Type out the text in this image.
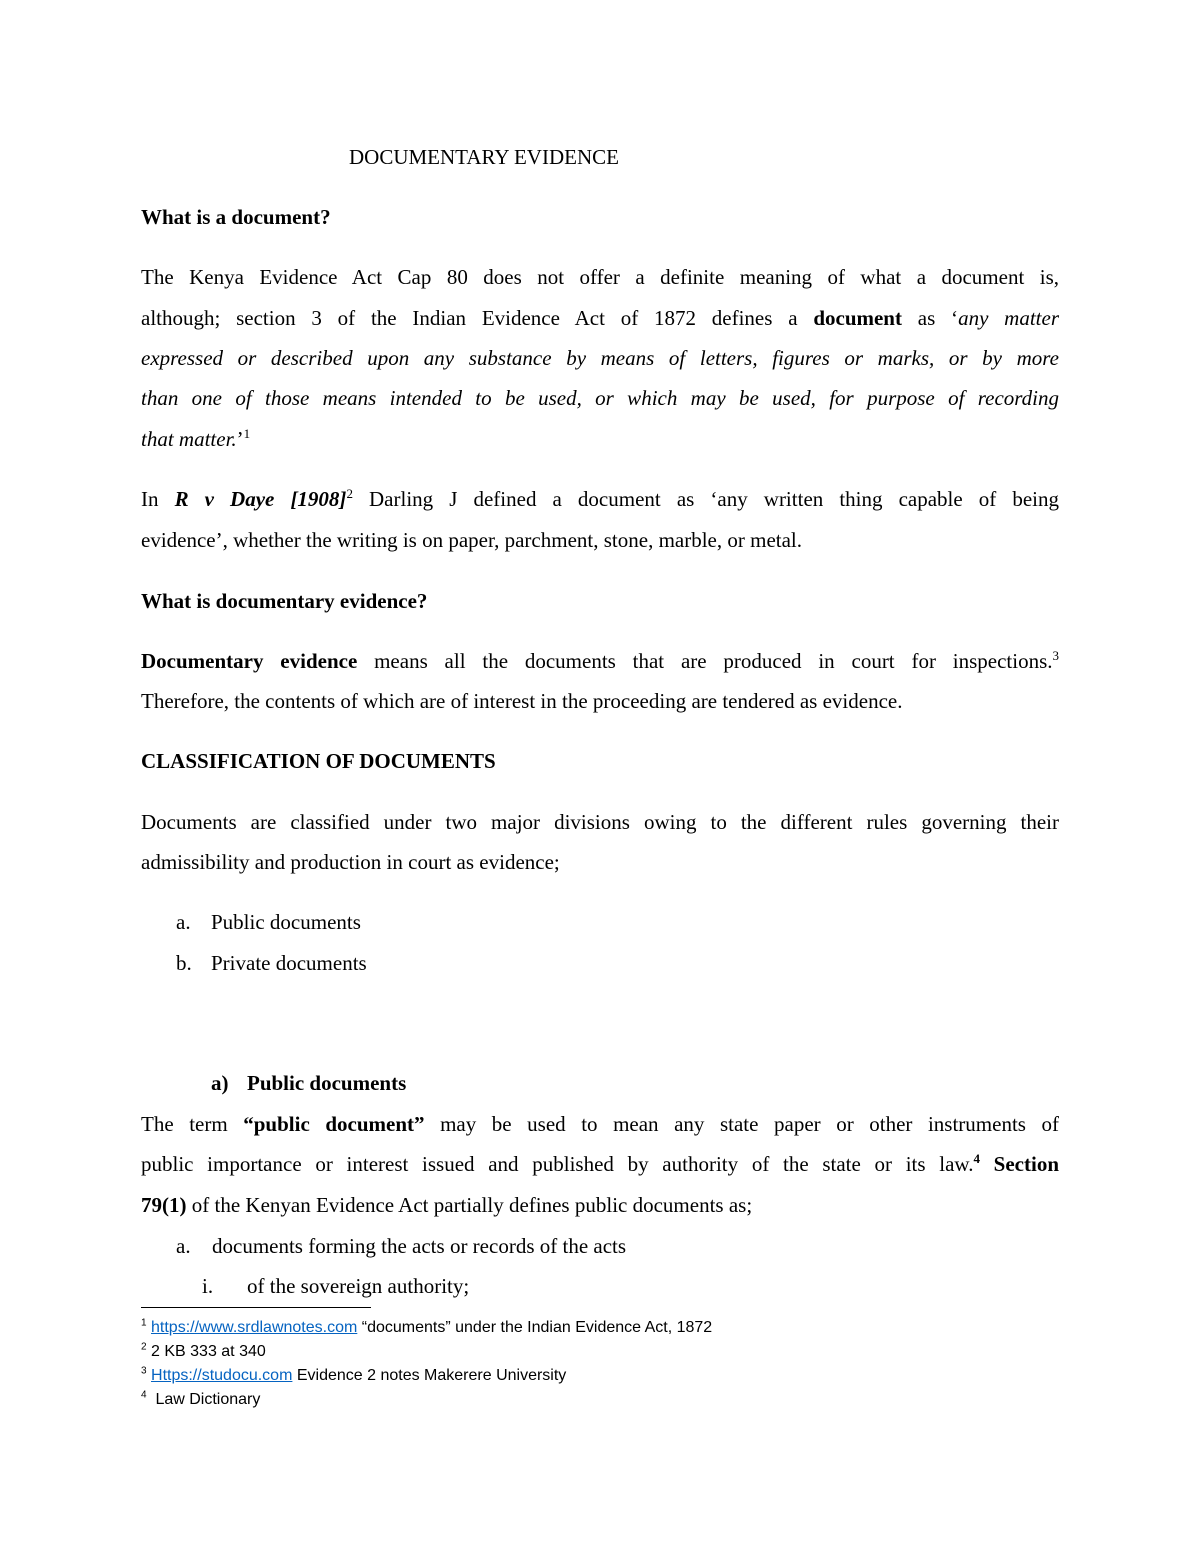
DOCUMENTARY EVIDENCE
What is a document?
The Kenya Evidence Act Cap 80 does not offer a definite meaning of what a document is,
although; section 3 of the Indian Evidence Act of 1872 defines a document as ‘any matter
expressed or described upon any substance by means of letters, figures or marks, or by more
than one of those means intended to be used, or which may be used, for purpose of recording
that matter.’$^1$
In R v Daye $[1908]^2$ Darling J defined a document as ‘any written thing capable of being
evidence’, whether the writing is on paper, parchment, stone, marble, or metal.
What is documentary evidence?
Documentary evidence means all the documents that are produced in court for inspections.$^3$
Therefore, the contents of which are of interest in the proceeding are tendered as evidence.
CLASSIFICATION OF DOCUMENTS
Documents are classified under two major divisions owing to the different rules governing their
admissibility and production in court as evidence;
a. Public documents
b. Private documents
a) Public documents
The term “public document” may be used to mean any state paper or other instruments of
public importance or interest issued and published by authority of the state or its law.$^4$ Section
79(1) of the Kenyan Evidence Act partially defines public documents as;
a. documents forming the acts or records of the acts
i. of the sovereign authority;
$^1$ https://www.srdlawnotes.com “documents” under the Indian Evidence Act, 1872
$^2$ 2 KB 333 at 340
$^3$ Https://studocu.com Evidence 2 notes Makerere University
$^4$  Law Dictionary
